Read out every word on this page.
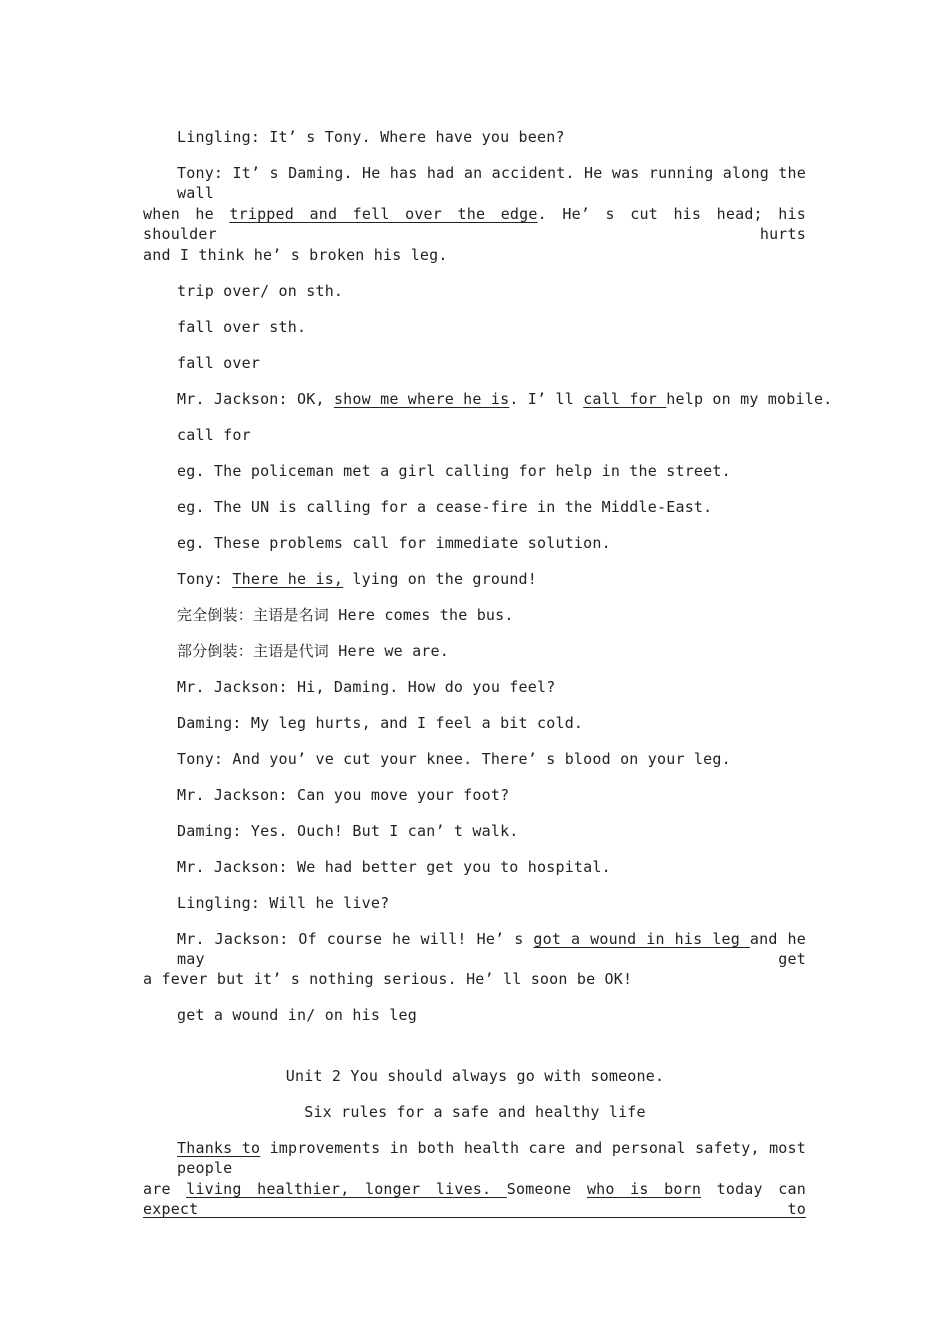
Lingling: It’ s Tony. Where have you been?
Tony: It’ s Daming. He has had an accident. He was running along the wall
when he tripped and fell over the edge. He’ s cut his head; his shoulder hurts
and I think he’ s broken his leg.
trip over/ on sth.
fall over sth.
fall over
Mr. Jackson: OK, show me where he is. I’ ll call for help on my mobile.
call for
eg. The policeman met a girl calling for help in the street.
eg. The UN is calling for a cease-fire in the Middle-East.
eg. These problems call for immediate solution.
Tony: There he is, lying on the ground!
完全倒装：主语是名词 Here comes the bus.
部分倒装：主语是代词 Here we are.
Mr. Jackson: Hi, Daming. How do you feel?
Daming: My leg hurts, and I feel a bit cold.
Tony: And you’ ve cut your knee. There’ s blood on your leg.
Mr. Jackson: Can you move your foot?
Daming: Yes. Ouch! But I can’ t walk.
Mr. Jackson: We had better get you to hospital.
Lingling: Will he live?
Mr. Jackson: Of course he will! He’ s got a wound in his leg and he may get
a fever but it’ s nothing serious. He’ ll soon be OK!
get a wound in/ on his leg
Unit 2 You should always go with someone.
Six rules for a safe and healthy life
Thanks to improvements in both health care and personal safety, most people
are living healthier, longer lives. Someone who is born today can expect to
